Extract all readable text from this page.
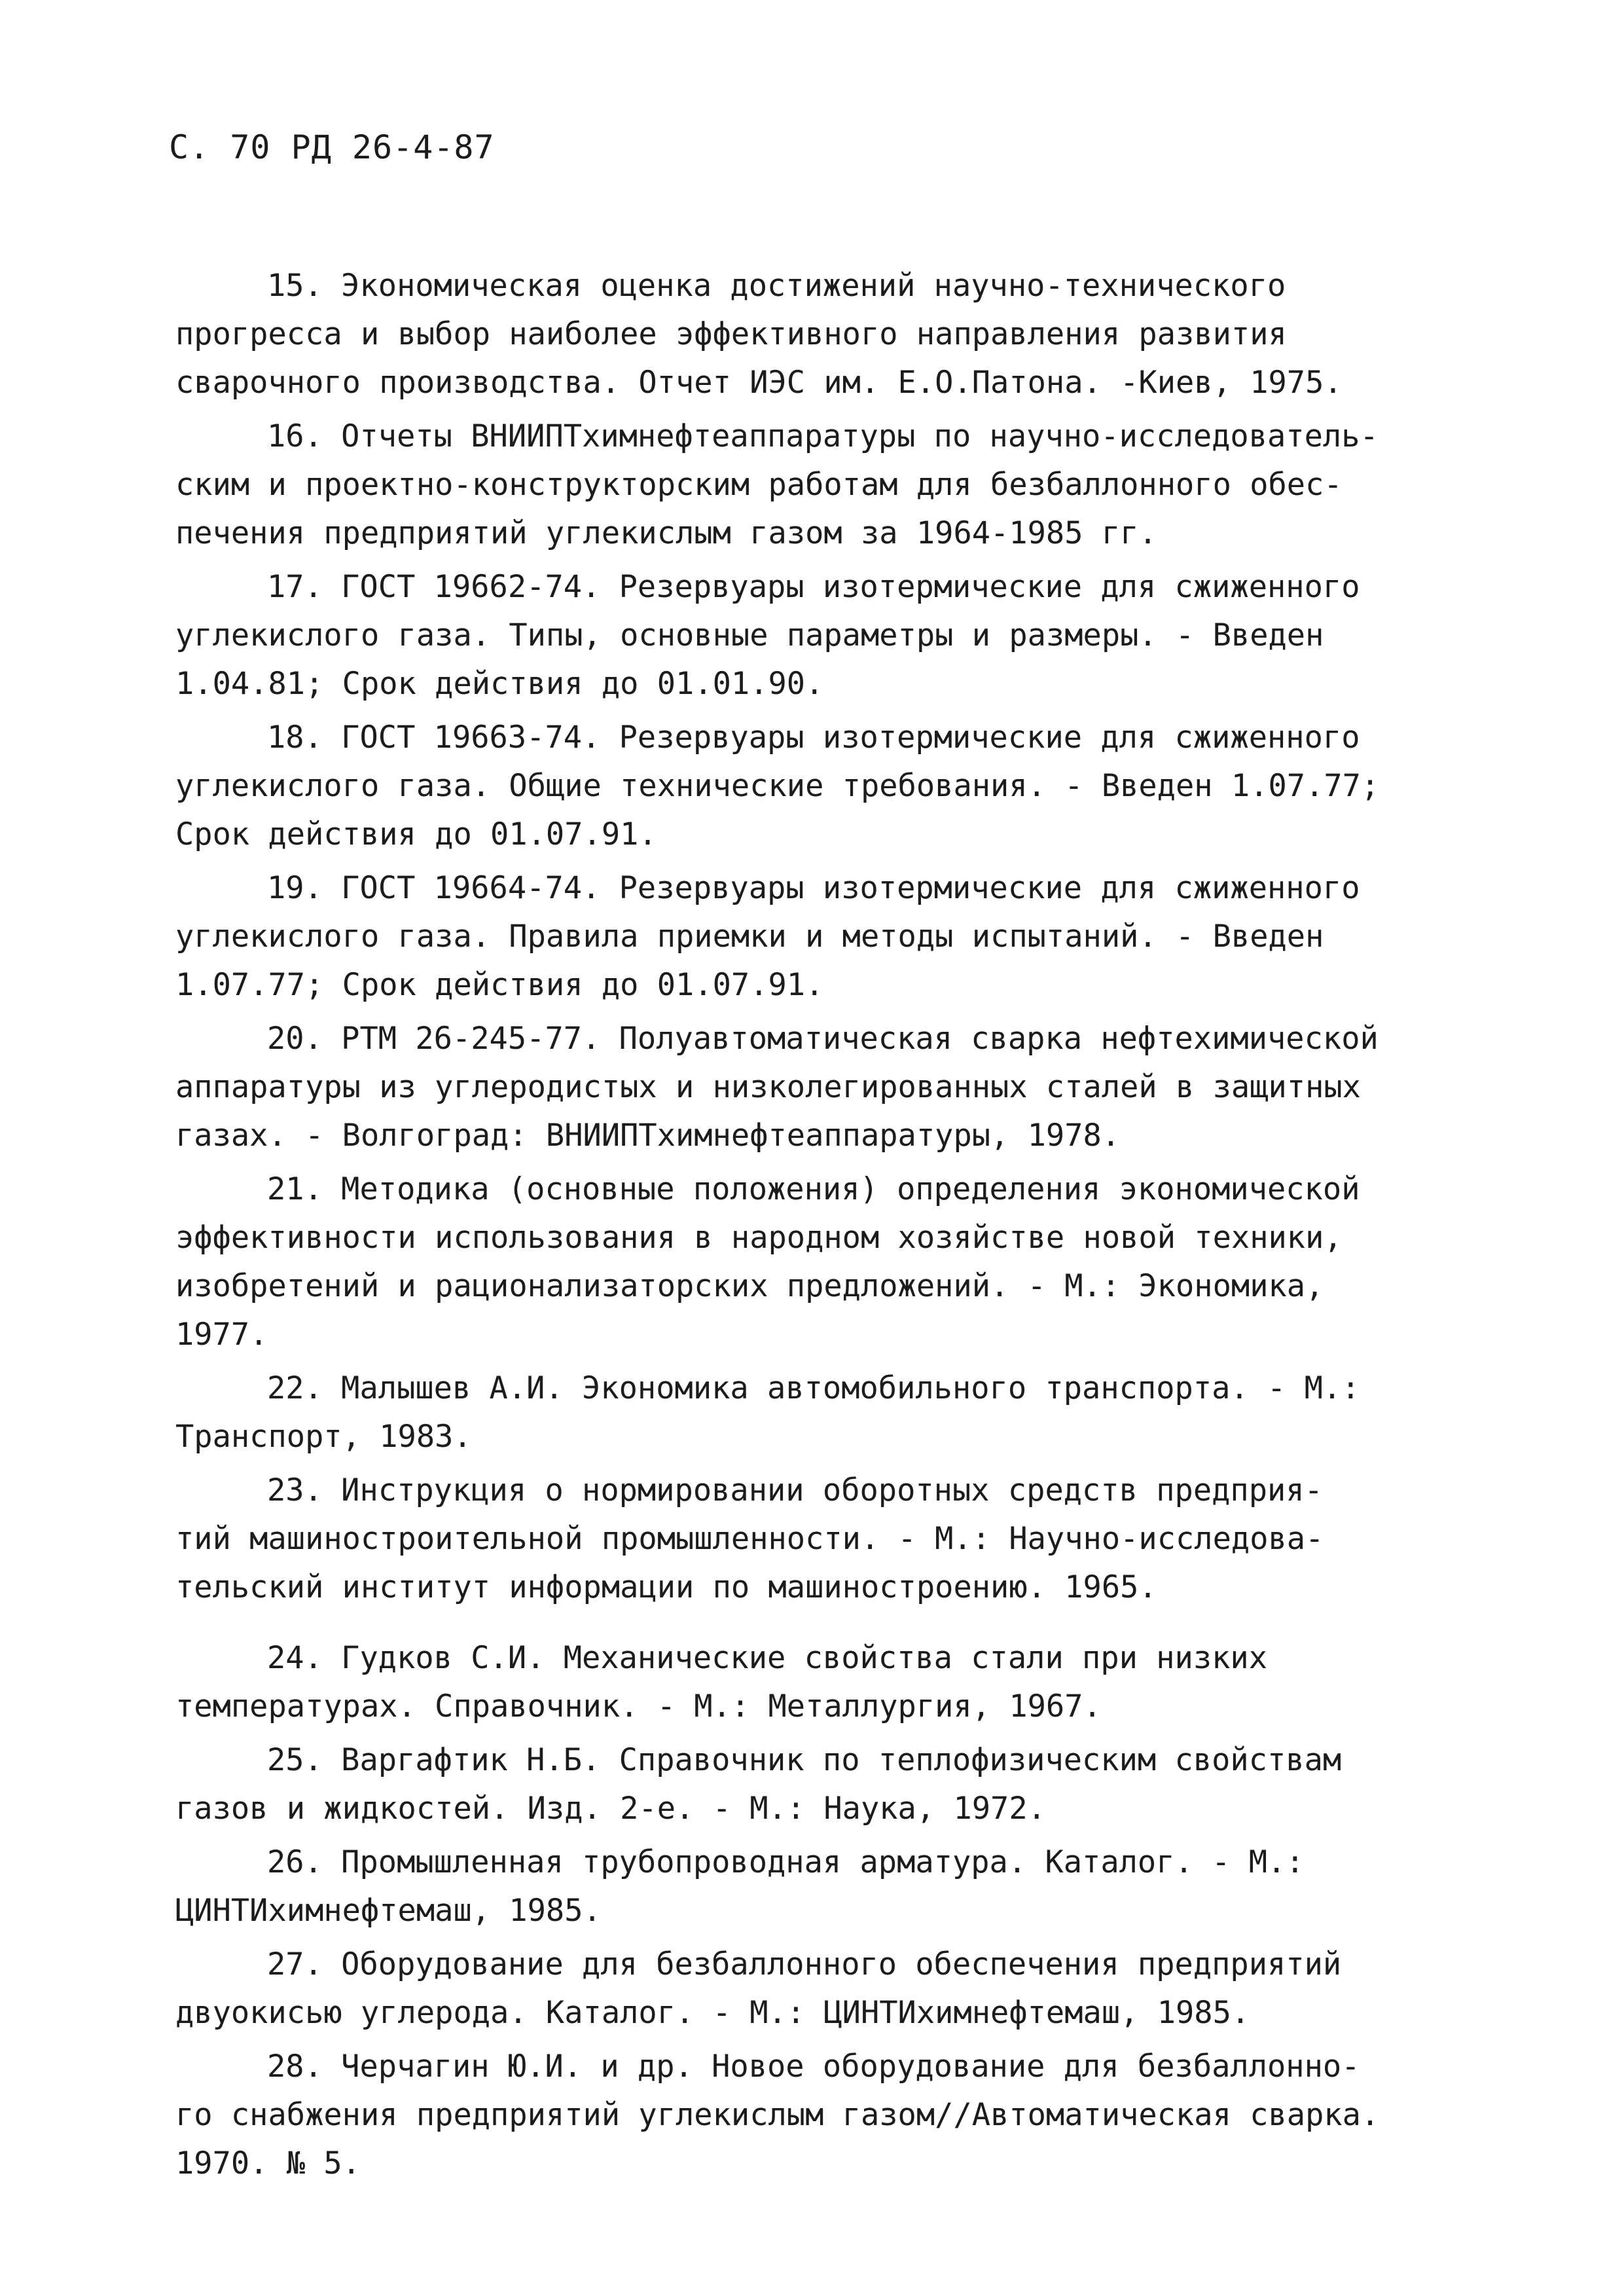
С. 70 РД 26-4-87
15. Экономическая оценка достижений научно-технического
прогресса и выбор наиболее эффективного направления развития
сварочного производства. Отчет ИЭС им. Е.О.Патона. -Киев, 1975.
16. Отчеты ВНИИПТхимнефтеаппаратуры по научно-исследователь-
ским и проектно-конструкторским работам для безбаллонного обес-
печения предприятий углекислым газом за 1964-1985 гг.
17. ГОСТ 19662-74. Резервуары изотермические для сжиженного
углекислого газа. Типы, основные параметры и размеры. - Введен
1.04.81; Срок действия до 01.01.90.
18. ГОСТ 19663-74. Резервуары изотермические для сжиженного
углекислого газа. Общие технические требования. - Введен 1.07.77;
Срок действия до 01.07.91.
19. ГОСТ 19664-74. Резервуары изотермические для сжиженного
углекислого газа. Правила приемки и методы испытаний. - Введен
1.07.77; Срок действия до 01.07.91.
20. РТМ 26-245-77. Полуавтоматическая сварка нефтехимической
аппаратуры из углеродистых и низколегированных сталей в защитных
газах. - Волгоград: ВНИИПТхимнефтеаппаратуры, 1978.
21. Методика (основные положения) определения экономической
эффективности использования в народном хозяйстве новой техники,
изобретений и рационализаторских предложений. - М.: Экономика,
1977.
22. Малышев А.И. Экономика автомобильного транспорта. - М.:
Транспорт, 1983.
23. Инструкция о нормировании оборотных средств предприя-
тий машиностроительной промышленности. - М.: Научно-исследова-
тельский институт информации по машиностроению. 1965.
24. Гудков С.И. Механические свойства стали при низких
температурах. Справочник. - М.: Металлургия, 1967.
25. Варгафтик Н.Б. Справочник по теплофизическим свойствам
газов и жидкостей. Изд. 2-е. - М.: Наука, 1972.
26. Промышленная трубопроводная арматура. Каталог. - М.:
ЦИНТИхимнефтемаш, 1985.
27. Оборудование для безбаллонного обеспечения предприятий
двуокисью углерода. Каталог. - М.: ЦИНТИхимнефтемаш, 1985.
28. Черчагин Ю.И. и др. Новое оборудование для безбаллонно-
го снабжения предприятий углекислым газом//Автоматическая сварка.
1970. № 5.
